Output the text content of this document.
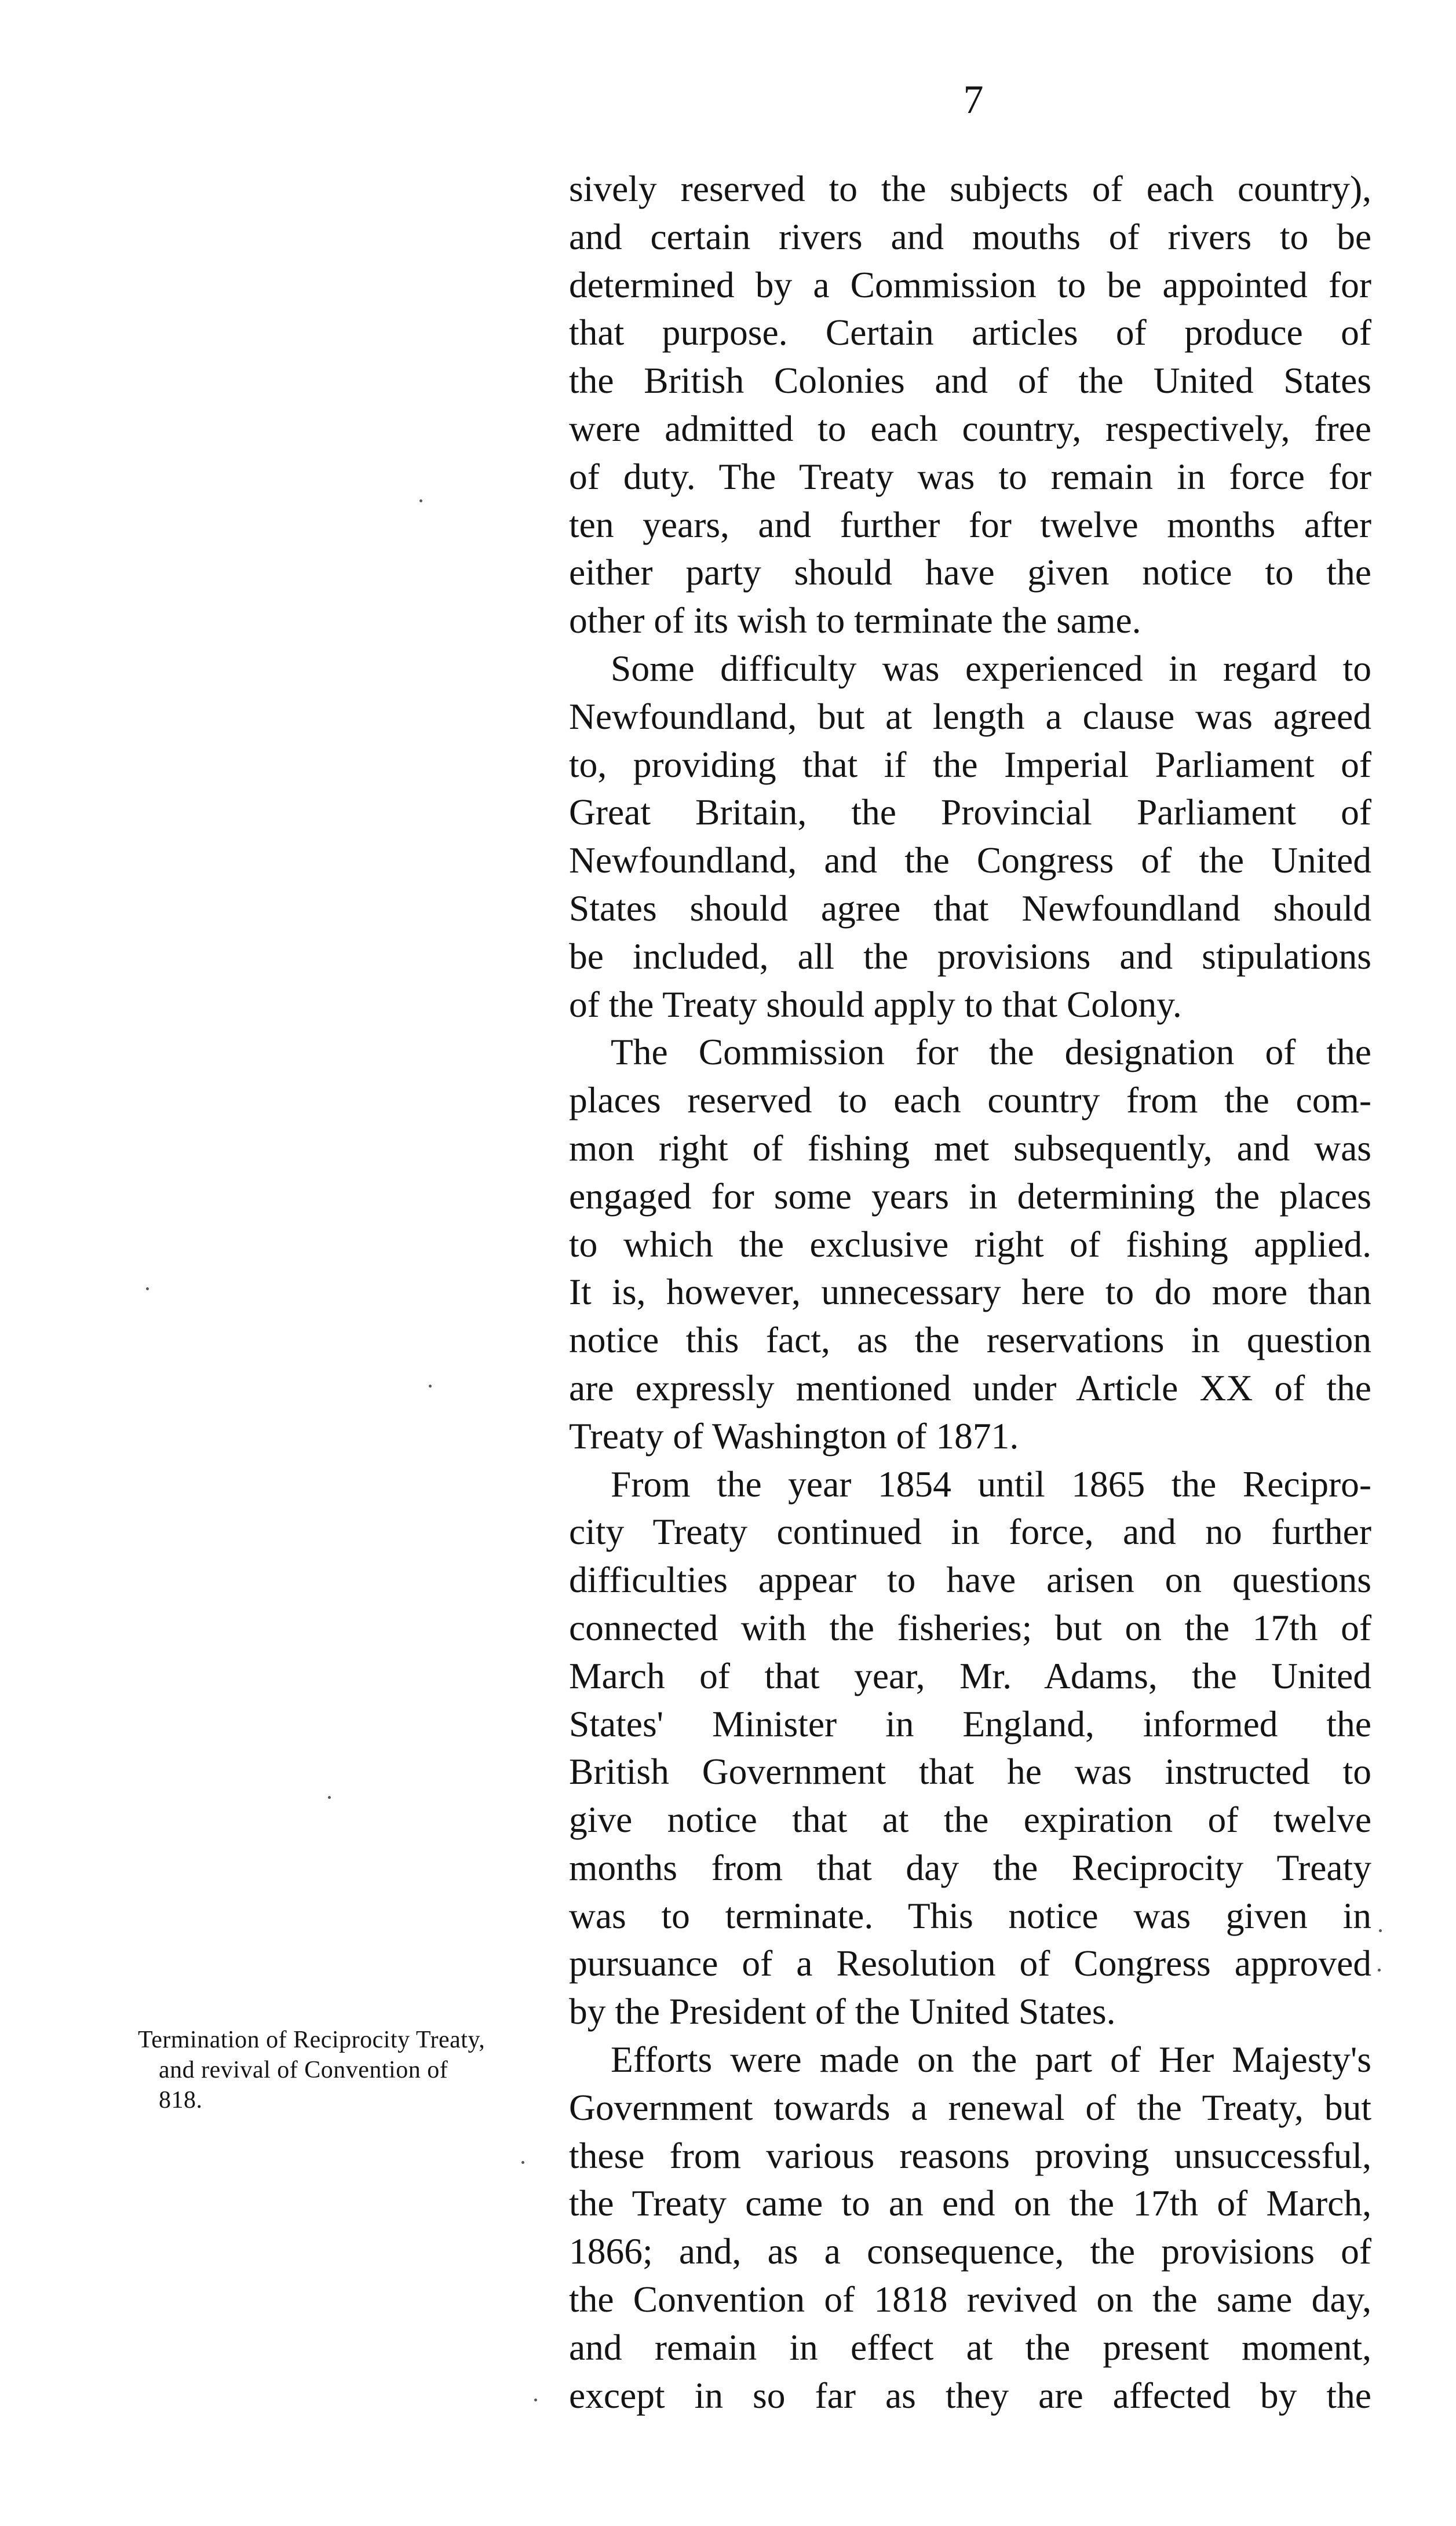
7
Termination of Reciprocity Treaty,
and revival of Convention of
818.
sively reserved to the subjects of each country),
and certain rivers and mouths of rivers to be
determined by a Commission to be appointed for
that purpose. Certain articles of produce of
the British Colonies and of the United States
were admitted to each country, respectively, free
of duty. The Treaty was to remain in force for
ten years, and further for twelve months after
either party should have given notice to the
other of its wish to terminate the same.
Some difficulty was experienced in regard to
Newfoundland, but at length a clause was agreed
to, providing that if the Imperial Parliament of
Great Britain, the Provincial Parliament of
Newfoundland, and the Congress of the United
States should agree that Newfoundland should
be included, all the provisions and stipulations
of the Treaty should apply to that Colony.
The Commission for the designation of the
places reserved to each country from the com-
mon right of fishing met subsequently, and was
engaged for some years in determining the places
to which the exclusive right of fishing applied.
It is, however, unnecessary here to do more than
notice this fact, as the reservations in question
are expressly mentioned under Article XX of the
Treaty of Washington of 1871.
From the year 1854 until 1865 the Recipro-
city Treaty continued in force, and no further
difficulties appear to have arisen on questions
connected with the fisheries; but on the 17th of
March of that year, Mr. Adams, the United
States' Minister in England, informed the
British Government that he was instructed to
give notice that at the expiration of twelve
months from that day the Reciprocity Treaty
was to terminate. This notice was given in
pursuance of a Resolution of Congress approved
by the President of the United States.
Efforts were made on the part of Her Majesty's
Government towards a renewal of the Treaty, but
these from various reasons proving unsuccessful,
the Treaty came to an end on the 17th of March,
1866; and, as a consequence, the provisions of
the Convention of 1818 revived on the same day,
and remain in effect at the present moment,
except in so far as they are affected by the
